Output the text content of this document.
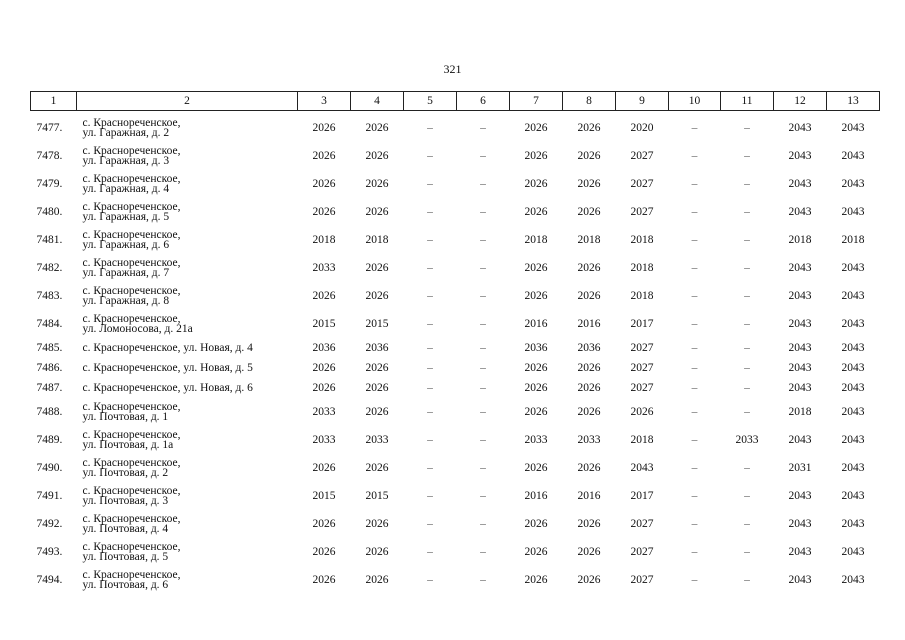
321
1	2	3	4	5	6	7	8	9	10	11	12	13
7477.	с. Краснореченское,
ул. Гаражная, д. 2	2026	2026	–	–	2026	2026	2020	–	–	2043	2043
7478.	с. Краснореченское,
ул. Гаражная, д. 3	2026	2026	–	–	2026	2026	2027	–	–	2043	2043
7479.	с. Краснореченское,
ул. Гаражная, д. 4	2026	2026	–	–	2026	2026	2027	–	–	2043	2043
7480.	с. Краснореченское,
ул. Гаражная, д. 5	2026	2026	–	–	2026	2026	2027	–	–	2043	2043
7481.	с. Краснореченское,
ул. Гаражная, д. 6	2018	2018	–	–	2018	2018	2018	–	–	2018	2018
7482.	с. Краснореченское,
ул. Гаражная, д. 7	2033	2026	–	–	2026	2026	2018	–	–	2043	2043
7483.	с. Краснореченское,
ул. Гаражная, д. 8	2026	2026	–	–	2026	2026	2018	–	–	2043	2043
7484.	с. Краснореченское,
ул. Ломоносова, д. 21а	2015	2015	–	–	2016	2016	2017	–	–	2043	2043
7485.	с. Краснореченское, ул. Новая, д. 4	2036	2036	–	–	2036	2036	2027	–	–	2043	2043
7486.	с. Краснореченское, ул. Новая, д. 5	2026	2026	–	–	2026	2026	2027	–	–	2043	2043
7487.	с. Краснореченское, ул. Новая, д. 6	2026	2026	–	–	2026	2026	2027	–	–	2043	2043
7488.	с. Краснореченское,
ул. Почтовая, д. 1	2033	2026	–	–	2026	2026	2026	–	–	2018	2043
7489.	с. Краснореченское,
ул. Почтовая, д. 1а	2033	2033	–	–	2033	2033	2018	–	2033	2043	2043
7490.	с. Краснореченское,
ул. Почтовая, д. 2	2026	2026	–	–	2026	2026	2043	–	–	2031	2043
7491.	с. Краснореченское,
ул. Почтовая, д. 3	2015	2015	–	–	2016	2016	2017	–	–	2043	2043
7492.	с. Краснореченское,
ул. Почтовая, д. 4	2026	2026	–	–	2026	2026	2027	–	–	2043	2043
7493.	с. Краснореченское,
ул. Почтовая, д. 5	2026	2026	–	–	2026	2026	2027	–	–	2043	2043
7494.	с. Краснореченское,
ул. Почтовая, д. 6	2026	2026	–	–	2026	2026	2027	–	–	2043	2043
